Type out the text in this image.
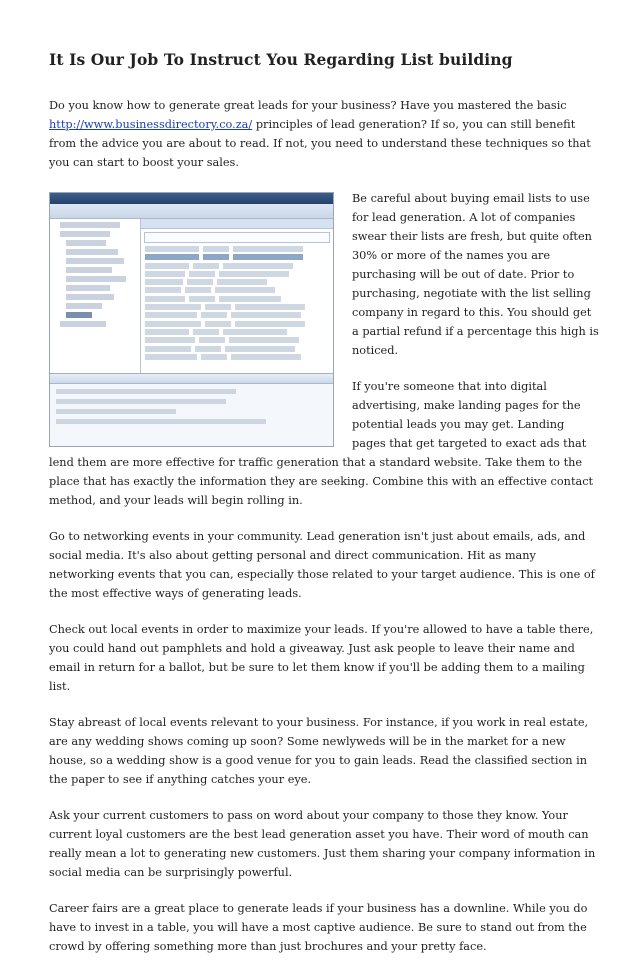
It Is Our Job To Instruct You Regarding List building

Do you know how to generate great leads for your business? Have you mastered the basic http://www.businessdirectory.co.za/ principles of lead generation? If so, you can still benefit from the advice you are about to read. If not, you need to understand these techniques so that you can start to boost your sales.

Be careful about buying email lists to use for lead generation. A lot of companies swear their lists are fresh, but quite often 30% or more of the names you are purchasing will be out of date. Prior to purchasing, negotiate with the list selling company in regard to this. You should get a partial refund if a percentage this high is noticed.

If you're someone that into digital advertising, make landing pages for the potential leads you may get. Landing pages that get targeted to exact ads that lend them are more effective for traffic generation that a standard website. Take them to the place that has exactly the information they are seeking. Combine this with an effective contact method, and your leads will begin rolling in.

Go to networking events in your community. Lead generation isn't just about emails, ads, and social media. It's also about getting personal and direct communication. Hit as many networking events that you can, especially those related to your target audience. This is one of the most effective ways of generating leads.

Check out local events in order to maximize your leads. If you're allowed to have a table there, you could hand out pamphlets and hold a giveaway. Just ask people to leave their name and email in return for a ballot, but be sure to let them know if you'll be adding them to a mailing list.

Stay abreast of local events relevant to your business. For instance, if you work in real estate, are any wedding shows coming up soon? Some newlyweds will be in the market for a new house, so a wedding show is a good venue for you to gain leads. Read the classified section in the paper to see if anything catches your eye.

Ask your current customers to pass on word about your company to those they know. Your current loyal customers are the best lead generation asset you have. Their word of mouth can really mean a lot to generating new customers. Just them sharing your company information in social media can be surprisingly powerful.

Career fairs are a great place to generate leads if your business has a downline. While you do have to invest in a table, you will have a most captive audience. Be sure to stand out from the crowd by offering something more than just brochures and your pretty face.
